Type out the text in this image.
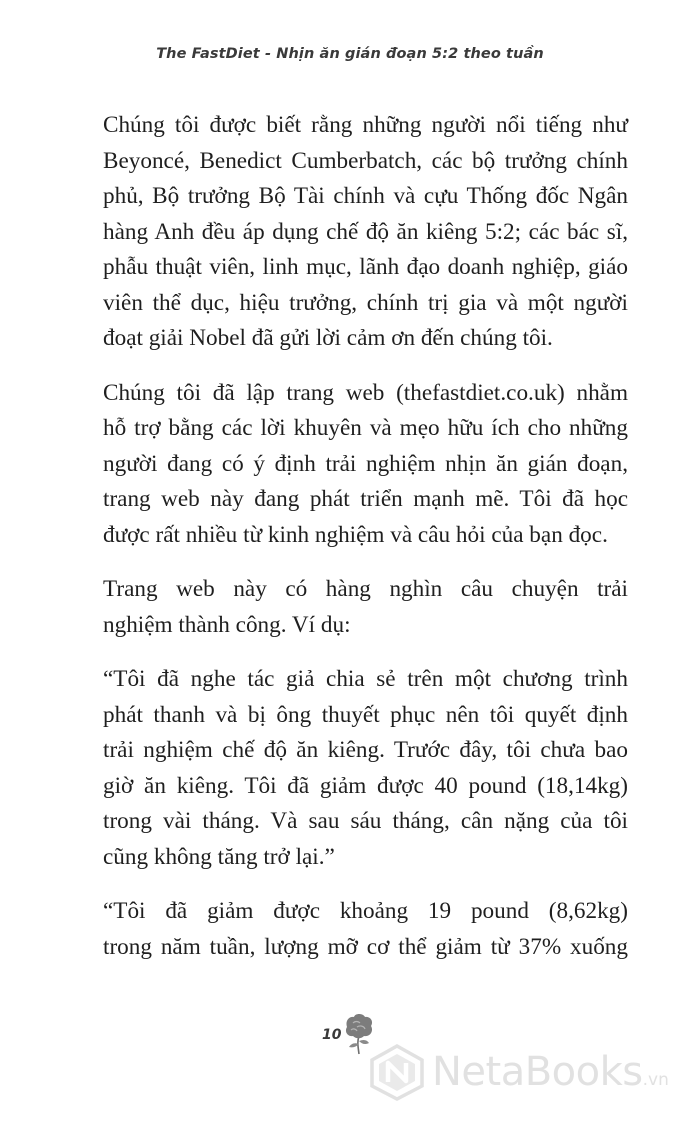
The FastDiet - Nhịn ăn gián đoạn 5:2 theo tuần

Chúng tôi được biết rằng những người nổi tiếng như
Beyoncé, Benedict Cumberbatch, các bộ trưởng chính
phủ, Bộ trưởng Bộ Tài chính và cựu Thống đốc Ngân
hàng Anh đều áp dụng chế độ ăn kiêng 5:2; các bác sĩ,
phẫu thuật viên, linh mục, lãnh đạo doanh nghiệp, giáo
viên thể dục, hiệu trưởng, chính trị gia và một người
đoạt giải Nobel đã gửi lời cảm ơn đến chúng tôi.

Chúng tôi đã lập trang web (thefastdiet.co.uk) nhằm
hỗ trợ bằng các lời khuyên và mẹo hữu ích cho những
người đang có ý định trải nghiệm nhịn ăn gián đoạn,
trang web này đang phát triển mạnh mẽ. Tôi đã học
được rất nhiều từ kinh nghiệm và câu hỏi của bạn đọc.

Trang web này có hàng nghìn câu chuyện trải
nghiệm thành công. Ví dụ:

“Tôi đã nghe tác giả chia sẻ trên một chương trình
phát thanh và bị ông thuyết phục nên tôi quyết định
trải nghiệm chế độ ăn kiêng. Trước đây, tôi chưa bao
giờ ăn kiêng. Tôi đã giảm được 40 pound (18,14kg)
trong vài tháng. Và sau sáu tháng, cân nặng của tôi
cũng không tăng trở lại.”

“Tôi đã giảm được khoảng 19 pound (8,62kg)
trong năm tuần, lượng mỡ cơ thể giảm từ 37% xuống

10
NetaBooks.vn
